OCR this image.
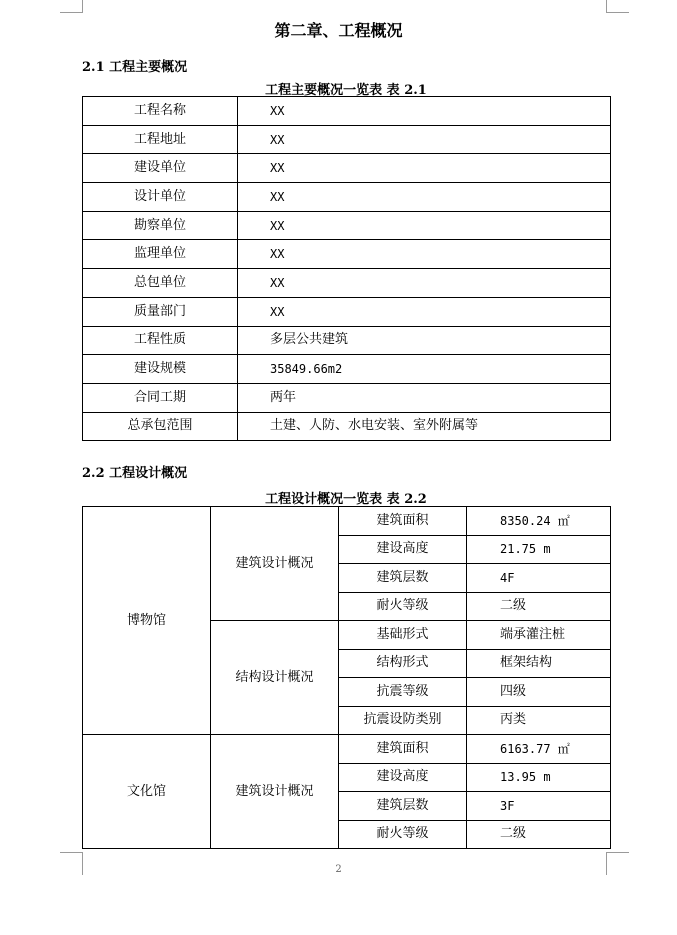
第二章、工程概况
2.1 工程主要概况
工程主要概况一览表 表 2.1
工程名称	XX
工程地址	XX
建设单位	XX
设计单位	XX
勘察单位	XX
监理单位	XX
总包单位	XX
质量部门	XX
工程性质	多层公共建筑
建设规模	35849.66m2
合同工期	两年
总承包范围	土建、人防、水电安装、室外附属等
2.2 工程设计概况
工程设计概况一览表 表 2.2
博物馆	建筑设计概况	建筑面积	8350.24 ㎡
		建设高度	21.75 m
		建筑层数	4F
		耐火等级	二级
	结构设计概况	基础形式	端承灌注桩
		结构形式	框架结构
		抗震等级	四级
		抗震设防类别	丙类
文化馆	建筑设计概况	建筑面积	6163.77 ㎡
		建设高度	13.95 m
		建筑层数	3F
		耐火等级	二级
2
